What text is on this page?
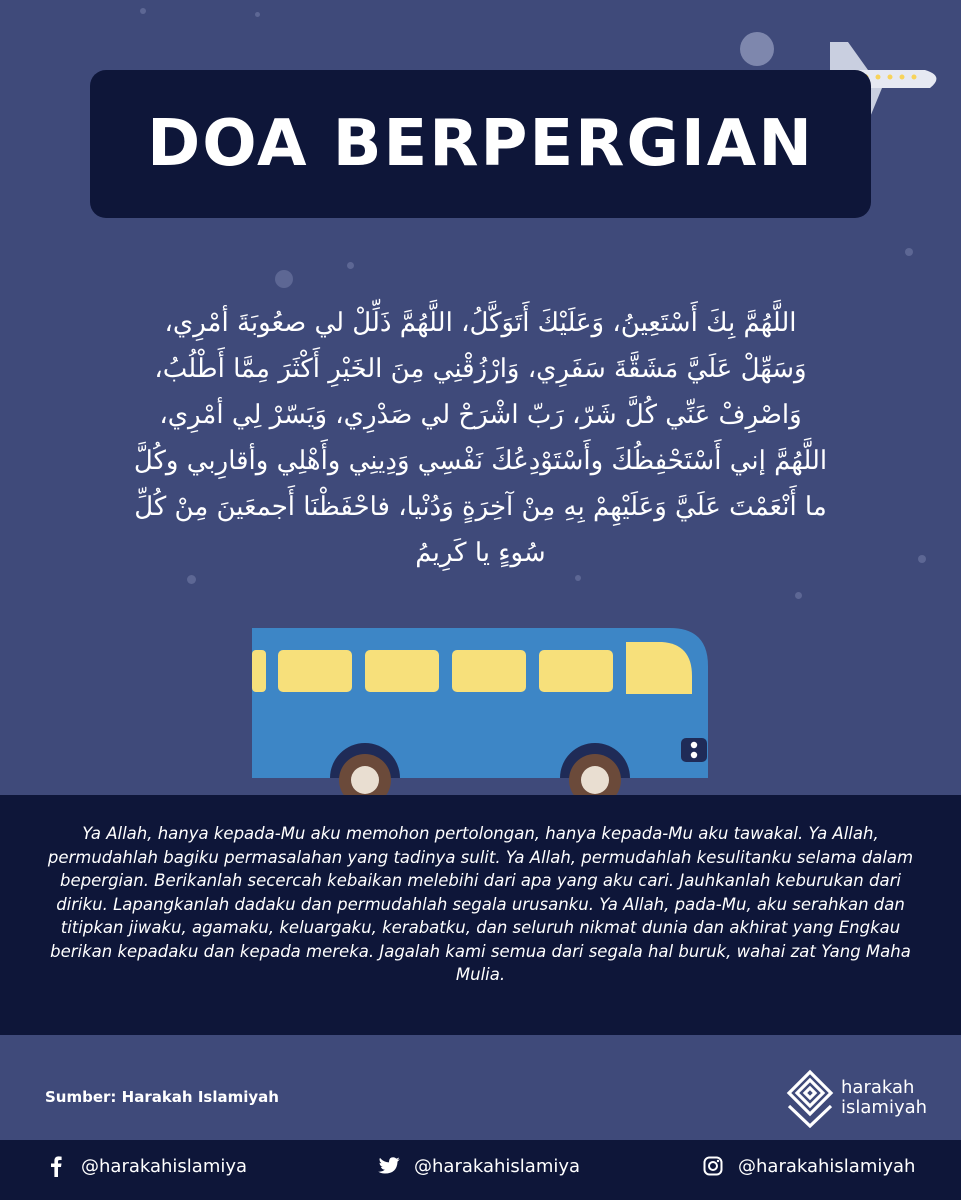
DOA BERPERGIAN
اللَّهُمَّ بِكَ أَسْتَعِينُ، وَعَلَيْكَ أَتَوَكَّلُ، اللَّهُمَّ ذَلِّلْ لي صعُوبَةَ أمْرِي،
وَسَهِّلْ عَلَيَّ مَشَقَّةَ سَفَرِي، وَارْزُقْنِي مِنَ الخَيْرِ أَكْثَرَ مِمَّا أَطْلُبُ،
وَاصْرِفْ عَنِّي كُلَّ شَرّ، رَبّ اشْرَحْ لي صَدْرِي، وَيَسّرْ لِي أمْرِي،
اللَّهُمَّ إني أَسْتَحْفِظُكَ وأَسْتَوْدِعُكَ نَفْسِي وَدِينِي وأَهْلِي وأقارِبي وكُلَّ
ما أَنْعَمْتَ عَلَيَّ وَعَلَيْهِمْ بِهِ مِنْ آخِرَةٍ وَدُنْيا، فاحْفَظْنَا أَجمعَينَ مِنْ كُلِّ
سُوءٍ يا كَرِيمُ
Ya Allah, hanya kepada-Mu aku memohon pertolongan, hanya kepada-Mu aku tawakal. Ya Allah, permudahlah bagiku permasalahan yang tadinya sulit. Ya Allah, permudahlah kesulitanku selama dalam bepergian. Berikanlah secercah kebaikan melebihi dari apa yang aku cari. Jauhkanlah keburukan dari diriku. Lapangkanlah dadaku dan permudahlah segala urusanku. Ya Allah, pada-Mu, aku serahkan dan titipkan jiwaku, agamaku, keluargaku, kerabatku, dan seluruh nikmat dunia dan akhirat yang Engkau berikan kepadaku dan kepada mereka. Jagalah kami semua dari segala hal buruk, wahai zat Yang Maha Mulia.
Sumber: Harakah Islamiyah	harakah
islamiyah
@harakahislamiya	@harakahislamiya	@harakahislamiyah
